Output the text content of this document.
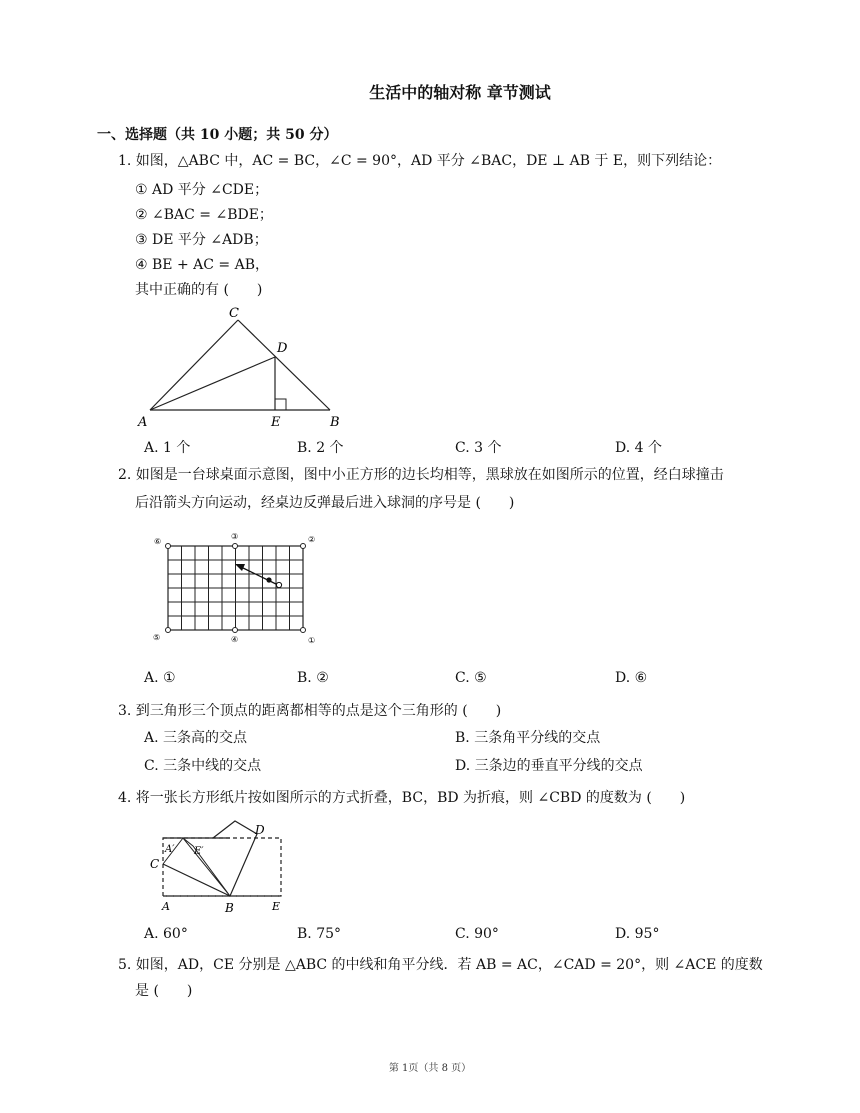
生活中的轴对称 章节测试
一、选择题（共 10 小题；共 50 分）
1. 如图，△ABC 中，AC = BC，∠C = 90°，AD 平分 ∠BAC，DE ⊥ AB 于 E，则下列结论：
① AD 平分 ∠CDE；
② ∠BAC = ∠BDE；
③ DE 平分 ∠ADB；
④ BE + AC = AB，
其中正确的有 (　　)
C
D
A	E	B
A. 1 个	B. 2 个	C. 3 个	D. 4 个
2. 如图是一台球桌面示意图，图中小正方形的边长均相等，黑球放在如图所示的位置，经白球撞击
后沿箭头方向运动，经桌边反弹最后进入球洞的序号是 (　　)
②
①
③
④
⑤
⑥
A. ①	B. ②	C. ⑤	D. ⑥
3. 到三角形三个顶点的距离都相等的点是这个三角形的 (　　)
A. 三条高的交点	B. 三条角平分线的交点
C. 三条中线的交点	D. 三条边的垂直平分线的交点
4. 将一张长方形纸片按如图所示的方式折叠，BC，BD 为折痕，则 ∠CBD 的度数为 (　　)
A′ E′
C
D
A	B	E
A. 60°	B. 75°	C. 90°	D. 95°
5. 如图，AD，CE 分别是 △ABC 的中线和角平分线．若 AB = AC，∠CAD = 20°，则 ∠ACE 的度数
是 (　　)
第 1页（共 8 页）
